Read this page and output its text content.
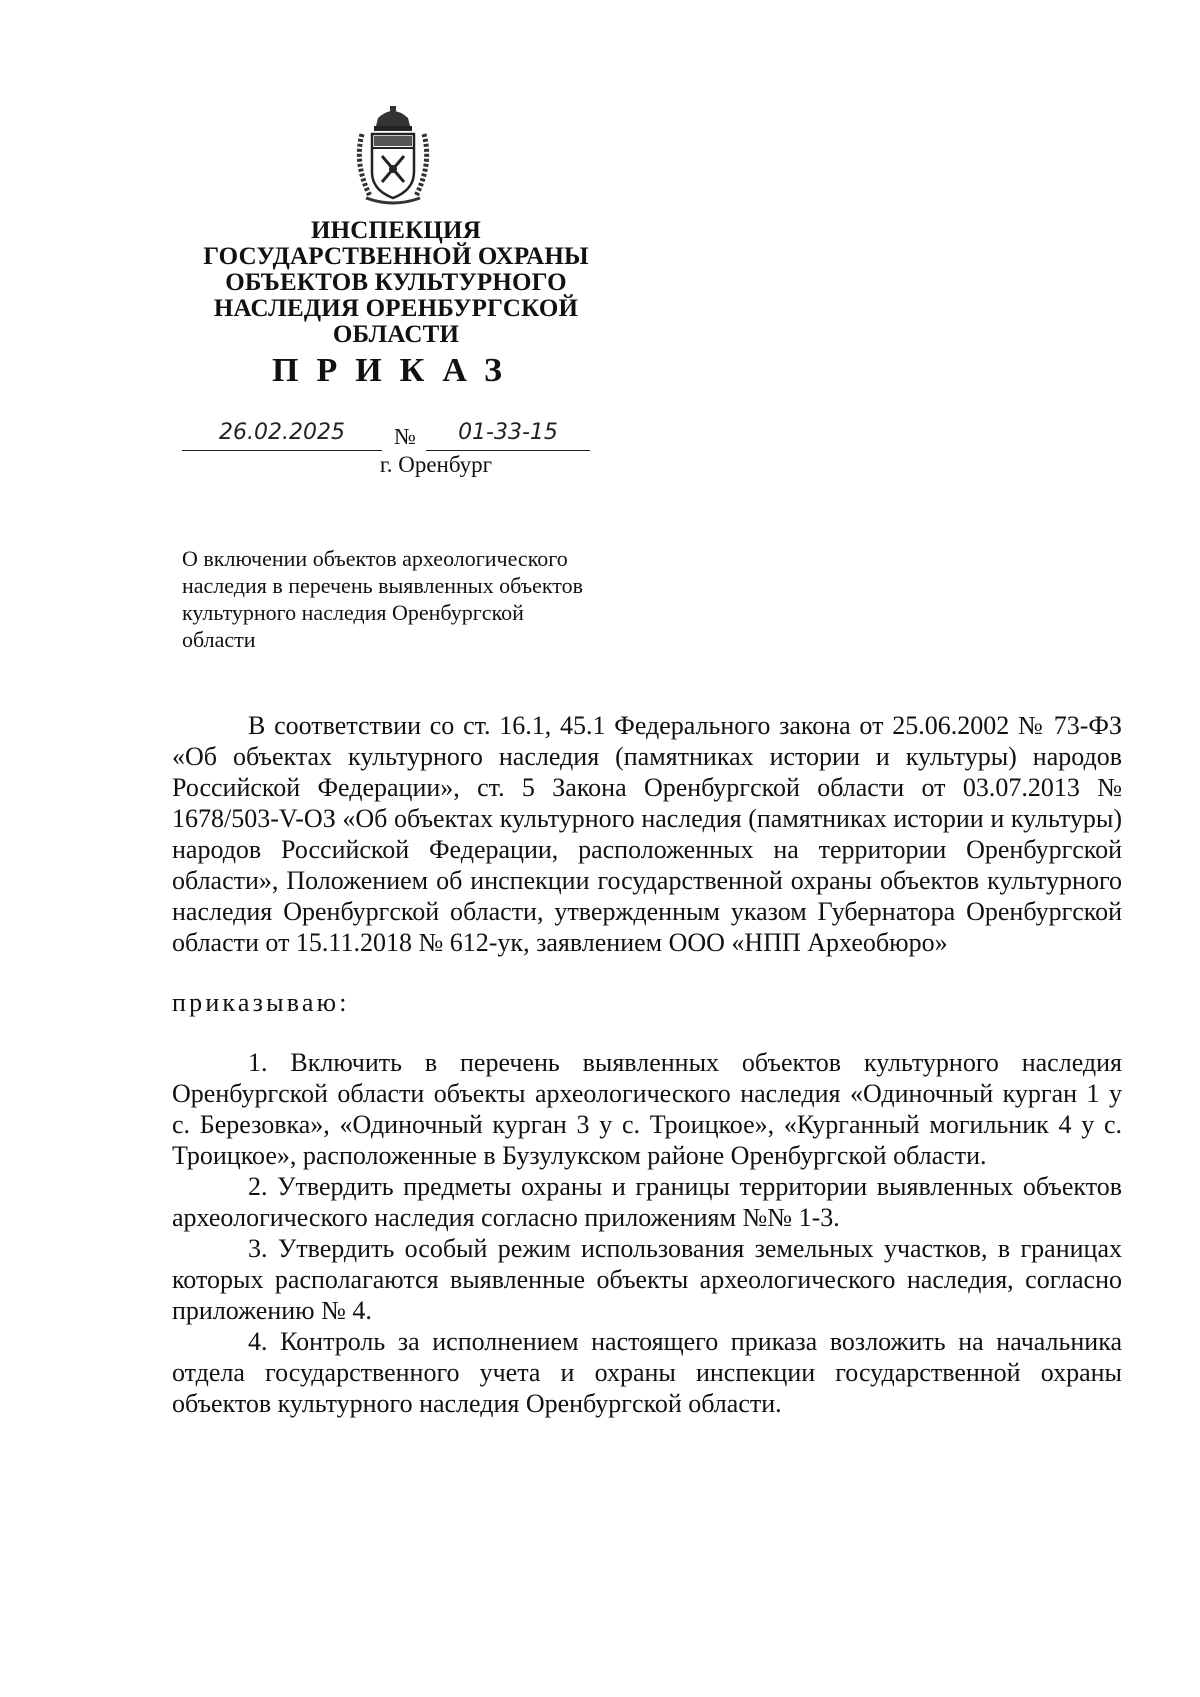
ИНСПЕКЦИЯ
ГОСУДАРСТВЕННОЙ ОХРАНЫ
ОБЪЕКТОВ КУЛЬТУРНОГО
НАСЛЕДИЯ ОРЕНБУРГСКОЙ
ОБЛАСТИ
ПРИКАЗ
26.02.2025	№	01-33-15
г. Оренбург
О включении объектов археологического наследия в перечень выявленных объектов культурного наследия Оренбургской области

В соответствии со ст. 16.1, 45.1 Федерального закона от 25.06.2002 № 73-ФЗ «Об объектах культурного наследия (памятниках истории и культуры) народов Российской Федерации», ст. 5 Закона Оренбургской области от 03.07.2013 № 1678/503-V-ОЗ «Об объектах культурного наследия (памятниках истории и культуры) народов Российской Федерации, расположенных на территории Оренбургской области», Положением об инспекции государственной охраны объектов культурного наследия Оренбургской области, утвержденным указом Губернатора Оренбургской области от 15.11.2018 № 612-ук, заявлением ООО «НПП Археобюро»

приказываю:

1. Включить в перечень выявленных объектов культурного наследия Оренбургской области объекты археологического наследия «Одиночный курган 1 у с. Березовка», «Одиночный курган 3 у с. Троицкое», «Курганный могильник 4 у с. Троицкое», расположенные в Бузулукском районе Оренбургской области.

2. Утвердить предметы охраны и границы территории выявленных объектов археологического наследия согласно приложениям №№ 1-3.

3. Утвердить особый режим использования земельных участков, в границах которых располагаются выявленные объекты археологического наследия, согласно приложению № 4.

4. Контроль за исполнением настоящего приказа возложить на начальника отдела государственного учета и охраны инспекции государственной охраны объектов культурного наследия Оренбургской области.
